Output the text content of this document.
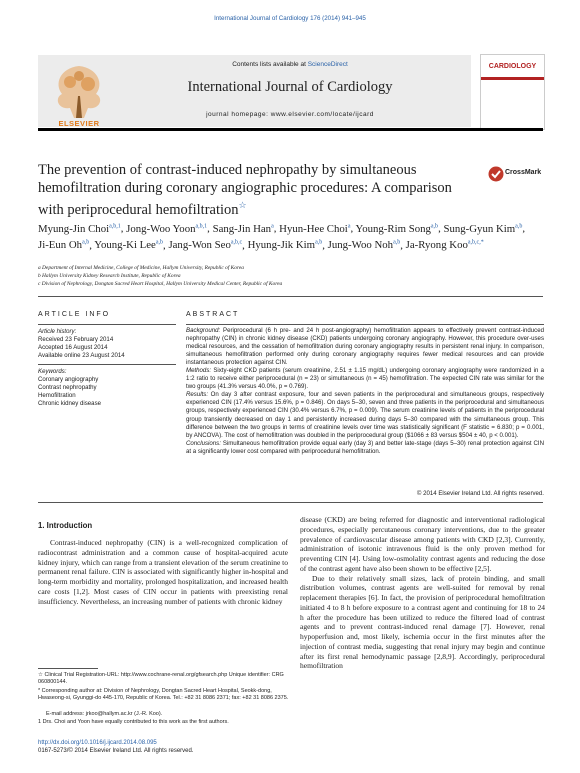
International Journal of Cardiology 176 (2014) 941–945
ELSEVIER
Contents lists available at ScienceDirect
International Journal of Cardiology
journal homepage: www.elsevier.com/locate/ijcard
CARDIOLOGY
The prevention of contrast-induced nephropathy by simultaneous hemofiltration during coronary angiographic procedures: A comparison with periprocedural hemofiltration☆
CrossMark
Myung-Jin Choi$^{a,b,1}$, Jong-Woo Yoon$^{a,b,1}$, Sang-Jin Han$^a$, Hyun-Hee Choi$^a$, Young-Rim Song$^{a,b}$, Sung-Gyun Kim$^{a,b}$, Ji-Eun Oh$^{a,b}$, Young-Ki Lee$^{a,b}$, Jang-Won Seo$^{a,b,c}$, Hyung-Jik Kim$^{a,b}$, Jung-Woo Noh$^{a,b}$, Ja-Ryong Koo$^{a,b,c,*}$
a Department of Internal Medicine, College of Medicine, Hallym University, Republic of Korea
b Hallym University Kidney Research Institute, Republic of Korea
c Division of Nephrology, Dongtan Sacred Heart Hospital, Hallym University Medical Center, Republic of Korea
ARTICLE INFO
Article history:
Received 23 February 2014
Accepted 16 August 2014
Available online 23 August 2014
Keywords:
Coronary angiography
Contrast nephropathy
Hemofiltration
Chronic kidney disease
ABSTRACT
Background: Periprocedural (6 h pre- and 24 h post-angiography) hemofiltration appears to effectively prevent contrast-induced nephropathy (CIN) in chronic kidney disease (CKD) patients undergoing coronary angiography. However, this procedure over-uses medical resources, and the cessation of hemofiltration during coronary angiography results in persistent renal injury. In comparison, simultaneous hemofiltration performed only during coronary angiography requires fewer medical resources and can provide instantaneous protection against CIN.
Methods: Sixty-eight CKD patients (serum creatinine, 2.51 ± 1.15 mg/dL) undergoing coronary angiography were randomized in a 1:2 ratio to receive either periprocedural (n = 23) or simultaneous (n = 45) hemofiltration. The expected CIN rate was similar for the two groups (41.3% versus 40.0%, p = 0.769).
Results: On day 3 after contrast exposure, four and seven patients in the periprocedural and simultaneous groups, respectively experienced CIN (17.4% versus 15.6%, p = 0.846). On days 5–30, seven and three patients in the periprocedural and simultaneous groups, respectively experienced CIN (30.4% versus 6.7%, p = 0.009). The serum creatinine levels of patients in the periprocedural group transiently decreased on day 1 and persistently increased during days 5–30 compared with the simultaneous group. This difference between the two groups in terms of creatinine levels over time was statistically significant (F statistic = 6.830; p = 0.001, by ANCOVA). The cost of hemofiltration was doubled in the periprocedural group ($1066 ± 83 versus $504 ± 40, p < 0.001).
Conclusions: Simultaneous hemofiltration provide equal early (day 3) and better late-stage (days 5–30) renal protection against CIN at a significantly lower cost compared with periprocedural hemofiltration.
© 2014 Elsevier Ireland Ltd. All rights reserved.
1. Introduction

Contrast-induced nephropathy (CIN) is a well-recognized complication of radiocontrast administration and a common cause of hospital-acquired acute kidney injury, which can range from a transient elevation of the serum creatinine to permanent renal failure. CIN is associated with significantly higher in-hospital and long-term morbidity and mortality, prolonged hospitalization, and increased health care costs [1,2]. Most cases of CIN occur in patients with preexisting renal insufficiency. Nevertheless, an increasing number of patients with chronic kidney

disease (CKD) are being referred for diagnostic and interventional radiological procedures, especially percutaneous coronary interventions, due to the greater prevalence of cardiovascular disease among patients with CKD [2,3]. Currently, administration of isotonic intravenous fluid is the only proven method for preventing CIN [4]. Using low-osmolality contrast agents and reducing the dose of the contrast agent have also been shown to be effective [2,5].

Due to their relatively small sizes, lack of protein binding, and small distribution volumes, contrast agents are well-suited for removal by renal replacement therapies [6]. In fact, the provision of periprocedural hemofiltration initiated 4 to 8 h before exposure to a contrast agent and continuing for 18 to 24 h after the procedure has been utilized to reduce the filtered load of contrast agents and to prevent contrast-induced renal damage [7]. However, renal hypoperfusion and, most likely, ischemia occur in the first minutes after the injection of contrast media, suggesting that renal injury may begin and continue after its first renal hemodynamic passage [2,8,9]. Accordingly, periprocedural hemofiltration

☆ Clinical Trial Registration-URL: http://www.cochrane-renal.org/gfsearch.php Unique identifier: CRG 060800144.
* Corresponding author at: Division of Nephrology, Dongtan Sacred Heart Hospital, Seokk-dong, Hwaseong-si, Gyunggi-do 445-170, Republic of Korea. Tel.: +82 31 8086 2371; fax: +82 31 8086 2375.
E-mail address: jrkoo@hallym.ac.kr (J.-R. Koo).
1 Drs. Choi and Yoon have equally contributed to this work as the first authors.
http://dx.doi.org/10.1016/j.ijcard.2014.08.095
0167-5273/© 2014 Elsevier Ireland Ltd. All rights reserved.
